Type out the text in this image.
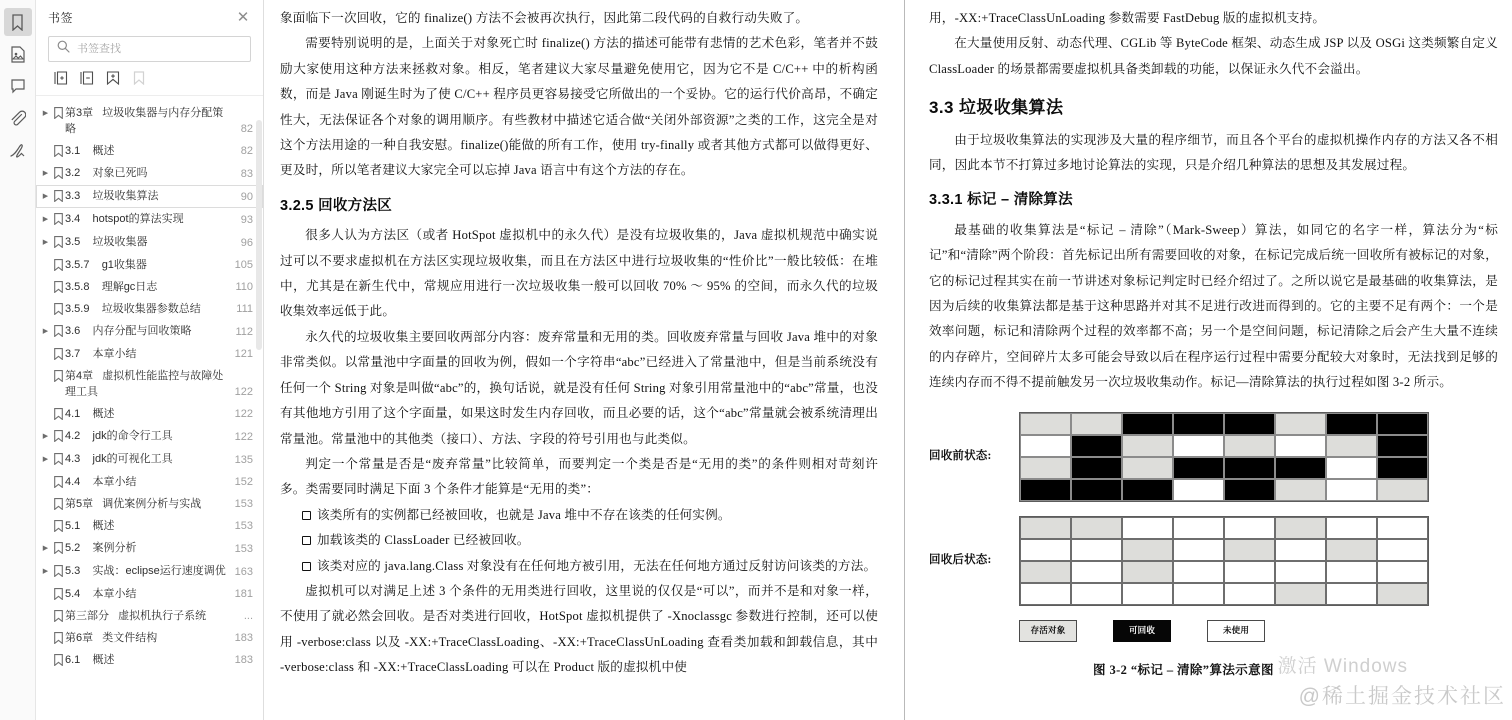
书签	✕
书签查找
▶ 第3章   垃圾收集器与内存分配策略	82
3.1    概述	82
▶ 3.2    对象已死吗	83
▶ 3.3    垃圾收集算法	90
▶ 3.4    hotspot的算法实现	93
▶ 3.5    垃圾收集器	96
3.5.7    g1收集器	105
3.5.8    理解gc日志	110
3.5.9    垃圾收集器参数总结	111
▶ 3.6    内存分配与回收策略	112
3.7    本章小结	121
第4章   虚拟机性能监控与故障处理工具	122
4.1    概述	122
▶ 4.2    jdk的命令行工具	122
▶ 4.3    jdk的可视化工具	135
4.4    本章小结	152
第5章   调优案例分析与实战	153
5.1    概述	153
▶ 5.2    案例分析	153
▶ 5.3    实战：eclipse运行速度调优 163
5.4    本章小结	181
第三部分   虚拟机执行子系统	...
第6章   类文件结构	183
6.1    概述	183

象面临下一次回收，它的 finalize() 方法不会被再次执行，因此第二段代码的自救行动失败了。

需要特别说明的是，上面关于对象死亡时 finalize() 方法的描述可能带有悲情的艺术色彩，笔者并不鼓励大家使用这种方法来拯救对象。相反，笔者建议大家尽量避免使用它，因为它不是 C/C++ 中的析构函数，而是 Java 刚诞生时为了使 C/C++ 程序员更容易接受它所做出的一个妥协。它的运行代价高昂，不确定性大，无法保证各个对象的调用顺序。有些教材中描述它适合做“关闭外部资源”之类的工作，这完全是对这个方法用途的一种自我安慰。finalize()能做的所有工作，使用 try-finally 或者其他方式都可以做得更好、更及时，所以笔者建议大家完全可以忘掉 Java 语言中有这个方法的存在。

3.2.5 回收方法区

很多人认为方法区（或者 HotSpot 虚拟机中的永久代）是没有垃圾收集的，Java 虚拟机规范中确实说过可以不要求虚拟机在方法区实现垃圾收集，而且在方法区中进行垃圾收集的“性价比”一般比较低：在堆中，尤其是在新生代中，常规应用进行一次垃圾收集一般可以回收 70% ～ 95% 的空间，而永久代的垃圾收集效率远低于此。

永久代的垃圾收集主要回收两部分内容：废弃常量和无用的类。回收废弃常量与回收 Java 堆中的对象非常类似。以常量池中字面量的回收为例，假如一个字符串“abc”已经进入了常量池中，但是当前系统没有任何一个 String 对象是叫做“abc”的，换句话说，就是没有任何 String 对象引用常量池中的“abc”常量，也没有其他地方引用了这个字面量，如果这时发生内存回收，而且必要的话，这个“abc”常量就会被系统清理出常量池。常量池中的其他类（接口）、方法、字段的符号引用也与此类似。

判定一个常量是否是“废弃常量”比较简单，而要判定一个类是否是“无用的类”的条件则相对苛刻许多。类需要同时满足下面 3 个条件才能算是“无用的类”：

该类所有的实例都已经被回收，也就是 Java 堆中不存在该类的任何实例。
加载该类的 ClassLoader 已经被回收。
该类对应的 java.lang.Class 对象没有在任何地方被引用，无法在任何地方通过反射访问该类的方法。

虚拟机可以对满足上述 3 个条件的无用类进行回收，这里说的仅仅是“可以”，而并不是和对象一样，不使用了就必然会回收。是否对类进行回收，HotSpot 虚拟机提供了 -Xnoclassgc 参数进行控制，还可以使用 -verbose:class 以及 -XX:+TraceClassLoading、-XX:+TraceClassUnLoading 查看类加载和卸载信息，其中 -verbose:class 和 -XX:+TraceClassLoading 可以在 Product 版的虚拟机中使

用，-XX:+TraceClassUnLoading 参数需要 FastDebug 版的虚拟机支持。

在大量使用反射、动态代理、CGLib 等 ByteCode 框架、动态生成 JSP 以及 OSGi 这类频繁自定义 ClassLoader 的场景都需要虚拟机具备类卸载的功能，以保证永久代不会溢出。

3.3 垃圾收集算法

由于垃圾收集算法的实现涉及大量的程序细节，而且各个平台的虚拟机操作内存的方法又各不相同，因此本节不打算过多地讨论算法的实现，只是介绍几种算法的思想及其发展过程。

3.3.1 标记 – 清除算法

最基础的收集算法是“标记 – 清除”（Mark-Sweep）算法，如同它的名字一样，算法分为“标记”和“清除”两个阶段：首先标记出所有需要回收的对象，在标记完成后统一回收所有被标记的对象，它的标记过程其实在前一节讲述对象标记判定时已经介绍过了。之所以说它是最基础的收集算法，是因为后续的收集算法都是基于这种思路并对其不足进行改进而得到的。它的主要不足有两个：一个是效率问题，标记和清除两个过程的效率都不高；另一个是空间问题，标记清除之后会产生大量不连续的内存碎片，空间碎片太多可能会导致以后在程序运行过程中需要分配较大对象时，无法找到足够的连续内存而不得不提前触发另一次垃圾收集动作。标记—清除算法的执行过程如图 3-2 所示。

回收前状态:
回收后状态:
存活对象	可回收	未使用
图 3-2 “标记 – 清除”算法示意图 激活 Windows
@稀土掘金技术社区
